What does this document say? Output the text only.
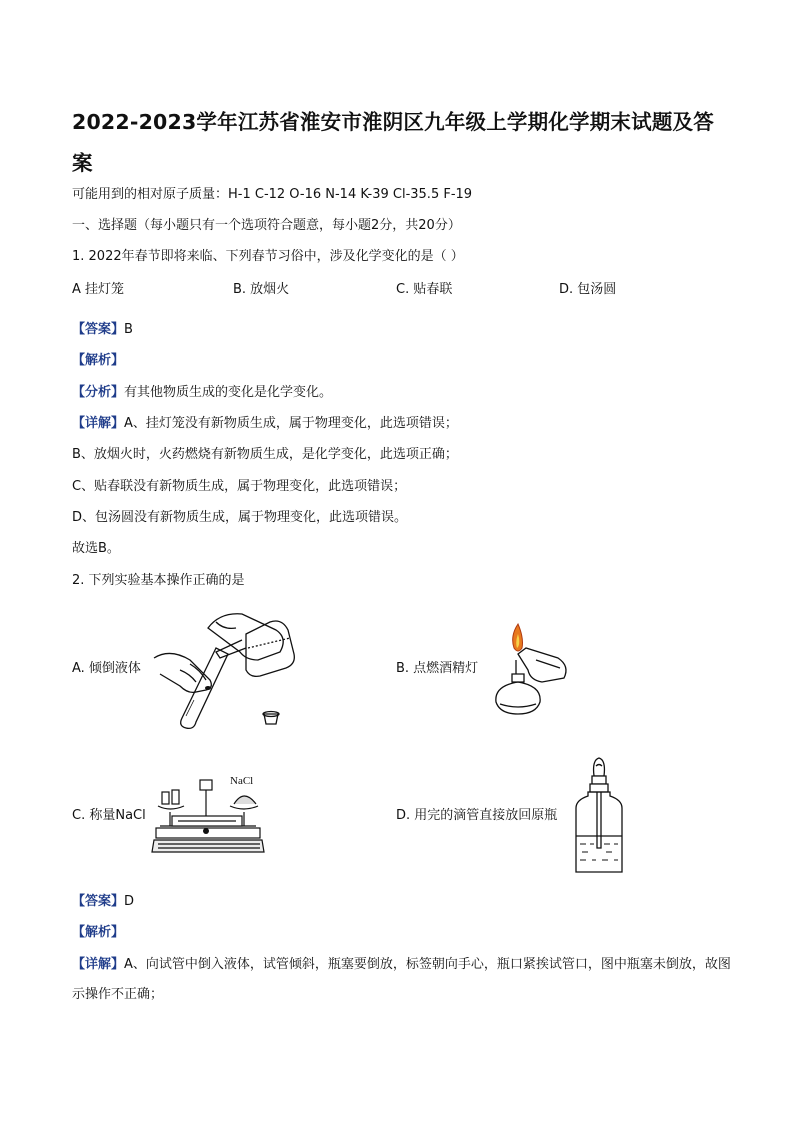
2022-2023学年江苏省淮安市淮阴区九年级上学期化学期末试题及答案
可能用到的相对原子质量：H-1 C-12 O-16 N-14 K-39 Cl-35.5 F-19
一、选择题（每小题只有一个选项符合题意，每小题2分，共20分）
1. 2022年春节即将来临、下列春节习俗中，涉及化学变化的是（ ）
A 挂灯笼	B. 放烟火	C. 贴春联	D. 包汤圆
【答案】B
【解析】
【分析】有其他物质生成的变化是化学变化。
【详解】A、挂灯笼没有新物质生成，属于物理变化，此选项错误；
B、放烟火时，火药燃烧有新物质生成，是化学变化，此选项正确；
C、贴春联没有新物质生成，属于物理变化，此选项错误；
D、包汤圆没有新物质生成，属于物理变化，此选项错误。
故选B。
2. 下列实验基本操作正确的是
A. 倾倒液体	B. 点燃酒精灯
C. 称量NaCl
NaCl
D. 用完的滴管直接放回原瓶
【答案】D
【解析】
【详解】A、向试管中倒入液体，试管倾斜，瓶塞要倒放，标签朝向手心，瓶口紧挨试管口，图中瓶塞未倒放，故图示操作不正确；
